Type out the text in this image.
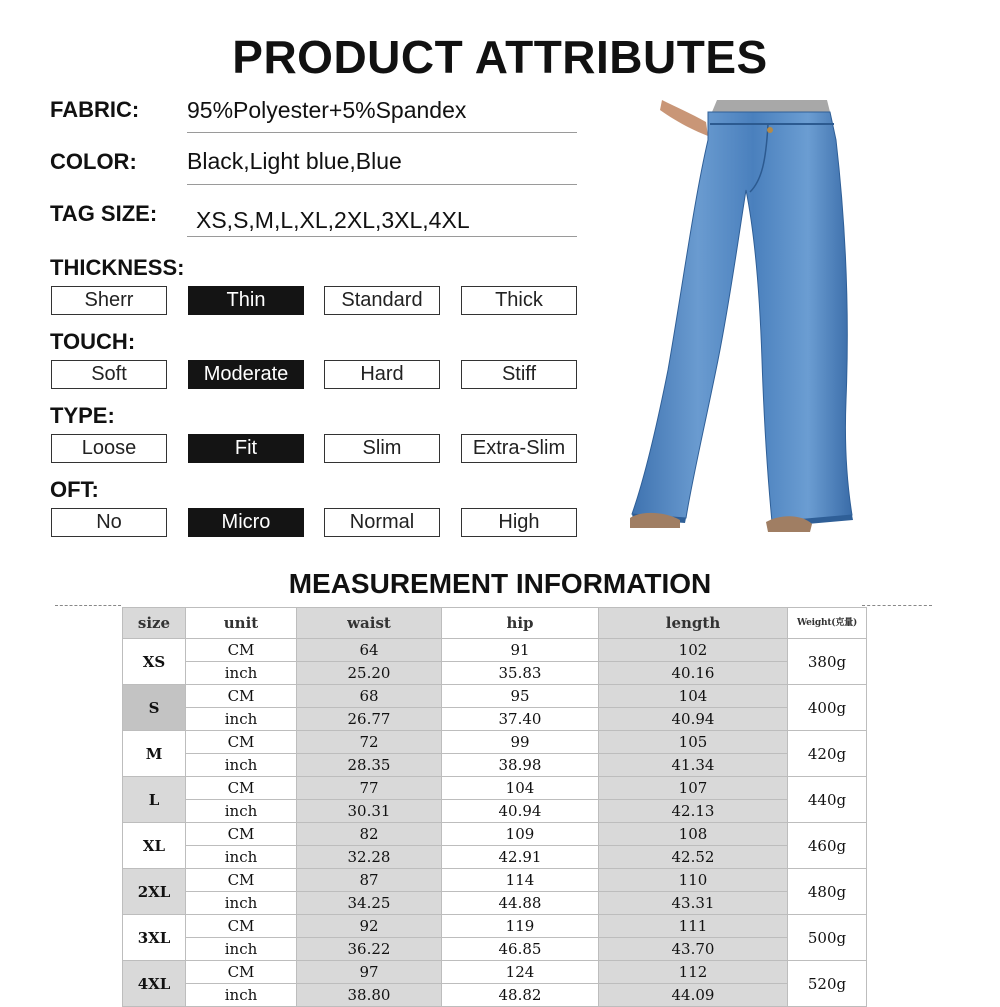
PRODUCT ATTRIBUTES
FABRIC: 95%Polyester+5%Spandex
COLOR: Black,Light blue,Blue
TAG SIZE: XS,S,M,L,XL,2XL,3XL,4XL
THICKNESS:
Sherr	Thin	Standard	Thick
TOUCH:
Soft	Moderate	Hard	Stiff
TYPE:
Loose	Fit	Slim	Extra-Slim
OFT:
No	Micro	Normal	High
MEASUREMENT INFORMATION
size	unit	waist	hip	length	Weight(克量)
XS	CM	64	91	102	380g
	inch	25.20	35.83	40.16	
S	CM	68	95	104	400g
	inch	26.77	37.40	40.94	
M	CM	72	99	105	420g
	inch	28.35	38.98	41.34	
L	CM	77	104	107	440g
	inch	30.31	40.94	42.13	
XL	CM	82	109	108	460g
	inch	32.28	42.91	42.52	
2XL	CM	87	114	110	480g
	inch	34.25	44.88	43.31	
3XL	CM	92	119	111	500g
	inch	36.22	46.85	43.70	
4XL	CM	97	124	112	520g
	inch	38.80	48.82	44.09	
